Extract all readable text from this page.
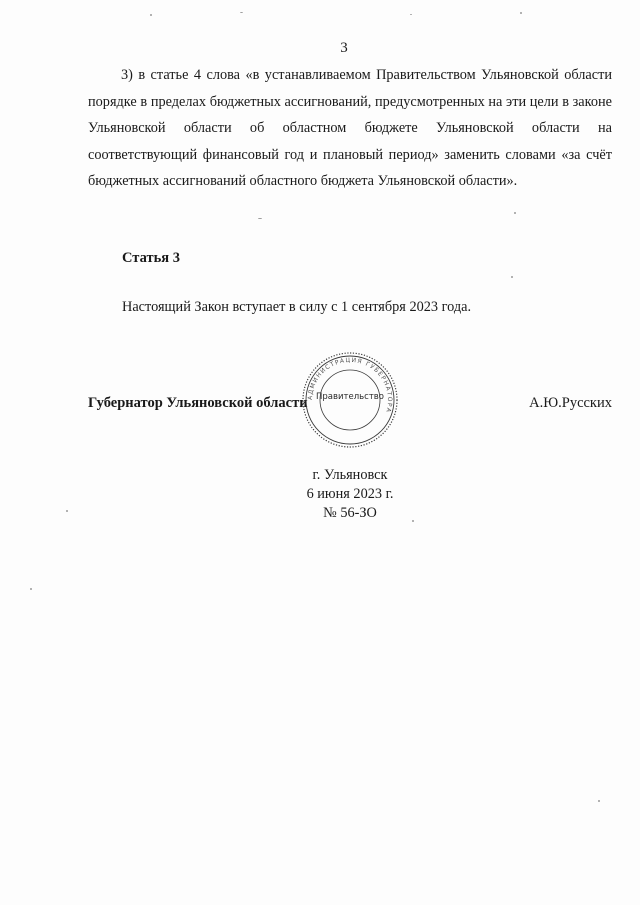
3

3) в статье 4 слова «в устанавливаемом Правительством Ульяновской области порядке в пределах бюджетных ассигнований, предусмотренных на эти цели в законе Ульяновской области об областном бюджете Ульяновской области на соответствующий финансовый год и плановый период» заменить словами «за счёт бюджетных ассигнований областного бюджета Ульяновской области».

Статья 3

Настоящий Закон вступает в силу с 1 сентября 2023 года.

Губернатор Ульяновской области	А.Ю.Русских
АДМИНИСТРАЦИЯ ГУБЕРНАТОРА
Правительство
г. Ульяновск
6 июня 2023 г.
№ 56-ЗО
